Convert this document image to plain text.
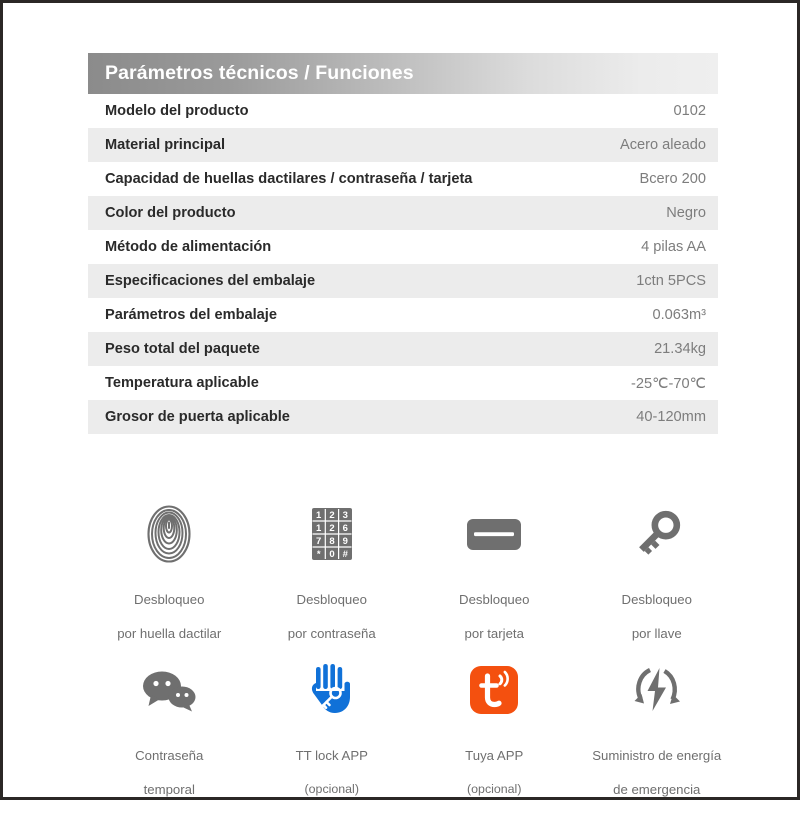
Parámetros técnicos / Funciones
Modelo del producto	0102
Material principal	Acero aleado
Capacidad de huellas dactilares / contraseña / tarjeta	Bcero 200
Color del producto	Negro
Método de alimentación	4 pilas AA
Especificaciones del embalaje	1ctn 5PCS
Parámetros del embalaje	0.063m³
Peso total del paquete	21.34kg
Temperatura aplicable	-25℃-70℃
Grosor de puerta aplicable	40-120mm

Desbloqueo

por huella dactilar

1 2 3
1 2 6
7 8 9
* 0 #

Desbloqueo

por contraseña

Desbloqueo

por tarjeta

Desbloqueo

por llave

Contraseña

temporal

TT lock APP

(opcional)

Tuya APP

(opcional)

Suministro de energía

de emergencia
